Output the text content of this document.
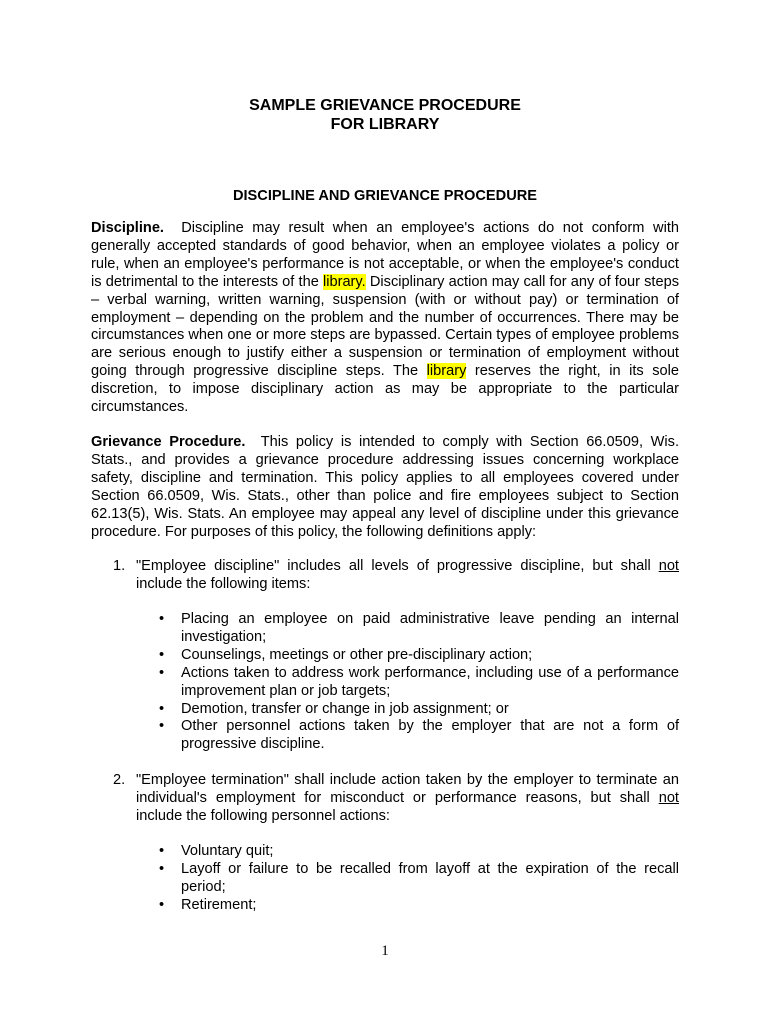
SAMPLE GRIEVANCE PROCEDURE
FOR LIBRARY
DISCIPLINE AND GRIEVANCE PROCEDURE
Discipline. Discipline may result when an employee's actions do not conform with generally accepted standards of good behavior, when an employee violates a policy or rule, when an employee's performance is not acceptable, or when the employee's conduct is detrimental to the interests of the library. Disciplinary action may call for any of four steps – verbal warning, written warning, suspension (with or without pay) or termination of employment – depending on the problem and the number of occurrences. There may be circumstances when one or more steps are bypassed. Certain types of employee problems are serious enough to justify either a suspension or termination of employment without going through progressive discipline steps. The library reserves the right, in its sole discretion, to impose disciplinary action as may be appropriate to the particular circumstances.
Grievance Procedure. This policy is intended to comply with Section 66.0509, Wis. Stats., and provides a grievance procedure addressing issues concerning workplace safety, discipline and termination. This policy applies to all employees covered under Section 66.0509, Wis. Stats., other than police and fire employees subject to Section 62.13(5), Wis. Stats. An employee may appeal any level of discipline under this grievance procedure. For purposes of this policy, the following definitions apply:
1. "Employee discipline" includes all levels of progressive discipline, but shall not include the following items:
• Placing an employee on paid administrative leave pending an internal investigation;
• Counselings, meetings or other pre-disciplinary action;
• Actions taken to address work performance, including use of a performance improvement plan or job targets;
• Demotion, transfer or change in job assignment; or
• Other personnel actions taken by the employer that are not a form of progressive discipline.
2. "Employee termination" shall include action taken by the employer to terminate an individual's employment for misconduct or performance reasons, but shall not include the following personnel actions:
• Voluntary quit;
• Layoff or failure to be recalled from layoff at the expiration of the recall period;
• Retirement;
1
